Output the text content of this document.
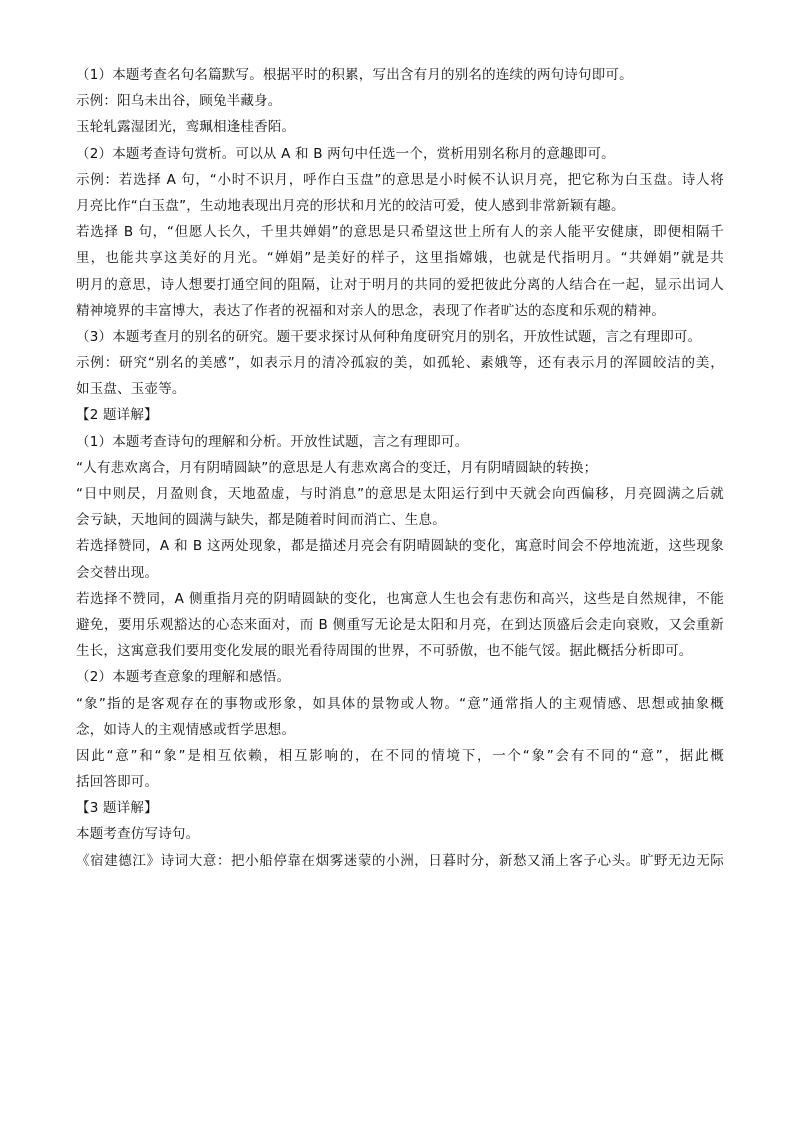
（1）本题考查名句名篇默写。根据平时的积累，写出含有月的别名的连续的两句诗句即可。
示例：阳乌未出谷，顾兔半藏身。
玉轮轧露湿团光，鸾珮相逢桂香陌。
（2）本题考查诗句赏析。可以从 A 和 B 两句中任选一个，赏析用别名称月的意趣即可。
示例：若选择 A 句，“小时不识月，呼作白玉盘”的意思是小时候不认识月亮，把它称为白玉盘。诗人将
月亮比作“白玉盘”，生动地表现出月亮的形状和月光的皎洁可爱，使人感到非常新颖有趣。
若选择 B 句，“但愿人长久，千里共婵娟”的意思是只希望这世上所有人的亲人能平安健康，即便相隔千
里，也能共享这美好的月光。“婵娟”是美好的样子，这里指嫦娥，也就是代指明月。“共婵娟”就是共
明月的意思，诗人想要打通空间的阻隔，让对于明月的共同的爱把彼此分离的人结合在一起，显示出词人
精神境界的丰富博大，表达了作者的祝福和对亲人的思念，表现了作者旷达的态度和乐观的精神。
（3）本题考查月的别名的研究。题干要求探讨从何种角度研究月的别名，开放性试题，言之有理即可。
示例：研究“别名的美感”，如表示月的清冷孤寂的美，如孤轮、素娥等，还有表示月的浑圆皎洁的美，
如玉盘、玉壶等。
【2 题详解】
（1）本题考查诗句的理解和分析。开放性试题，言之有理即可。
“人有悲欢离合，月有阴晴圆缺”的意思是人有悲欢离合的变迁，月有阴晴圆缺的转换；
“日中则昃，月盈则食，天地盈虚，与时消息”的意思是太阳运行到中天就会向西偏移，月亮圆满之后就
会亏缺，天地间的圆满与缺失，都是随着时间而消亡、生息。
若选择赞同，A 和 B 这两处现象，都是描述月亮会有阴晴圆缺的变化，寓意时间会不停地流逝，这些现象
会交替出现。
若选择不赞同，A 侧重指月亮的阴晴圆缺的变化，也寓意人生也会有悲伤和高兴，这些是自然规律，不能
避免，要用乐观豁达的心态来面对，而 B 侧重写无论是太阳和月亮，在到达顶盛后会走向衰败，又会重新
生长，这寓意我们要用变化发展的眼光看待周围的世界，不可骄傲，也不能气馁。据此概括分析即可。
（2）本题考查意象的理解和感悟。
“象”指的是客观存在的事物或形象，如具体的景物或人物。“意”通常指人的主观情感、思想或抽象概
念，如诗人的主观情感或哲学思想。
因此“意”和“象”是相互依赖，相互影响的，在不同的情境下，一个“象”会有不同的“意”，据此概
括回答即可。
【3 题详解】
本题考查仿写诗句。
《宿建德江》诗词大意：把小船停靠在烟雾迷蒙的小洲，日暮时分，新愁又涌上客子心头。旷野无边无际
